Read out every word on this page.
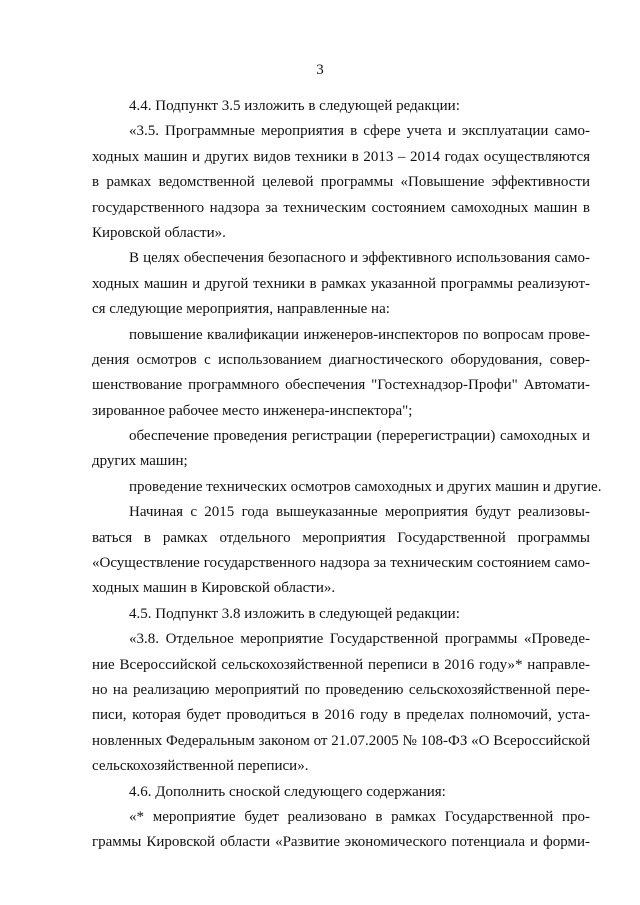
3
4.4. Подпункт 3.5 изложить в следующей редакции:
«3.5. Программные мероприятия в сфере учета и эксплуатации само-
ходных машин и других видов техники в 2013 – 2014 годах осуществляются
в рамках ведомственной целевой программы «Повышение эффективности
государственного надзора за техническим состоянием самоходных машин в
Кировской области».
В целях обеспечения безопасного и эффективного использования само-
ходных машин и другой техники в рамках указанной программы реализуют-
ся следующие мероприятия, направленные на:
повышение квалификации инженеров-инспекторов по вопросам прове-
дения осмотров с использованием диагностического оборудования, совер-
шенствование программного обеспечения "Гостехнадзор-Профи" Автомати-
зированное рабочее место инженера-инспектора";
обеспечение проведения регистрации (перерегистрации) самоходных и
других машин;
проведение технических осмотров самоходных и других машин и другие.
Начиная с 2015 года вышеуказанные мероприятия будут реализовы-
ваться в рамках отдельного мероприятия Государственной программы
«Осуществление государственного надзора за техническим состоянием само-
ходных машин в Кировской области».
4.5. Подпункт 3.8 изложить в следующей редакции:
«3.8. Отдельное мероприятие Государственной программы «Проведе-
ние Всероссийской сельскохозяйственной переписи в 2016 году»* направле-
но на реализацию мероприятий по проведению сельскохозяйственной пере-
писи, которая будет проводиться в 2016 году в пределах полномочий, уста-
новленных Федеральным законом от 21.07.2005 № 108-ФЗ «О Всероссийской
сельскохозяйственной переписи».
4.6. Дополнить сноской следующего содержания:
«* мероприятие будет реализовано в рамках Государственной про-
граммы Кировской области «Развитие экономического потенциала и форми-
